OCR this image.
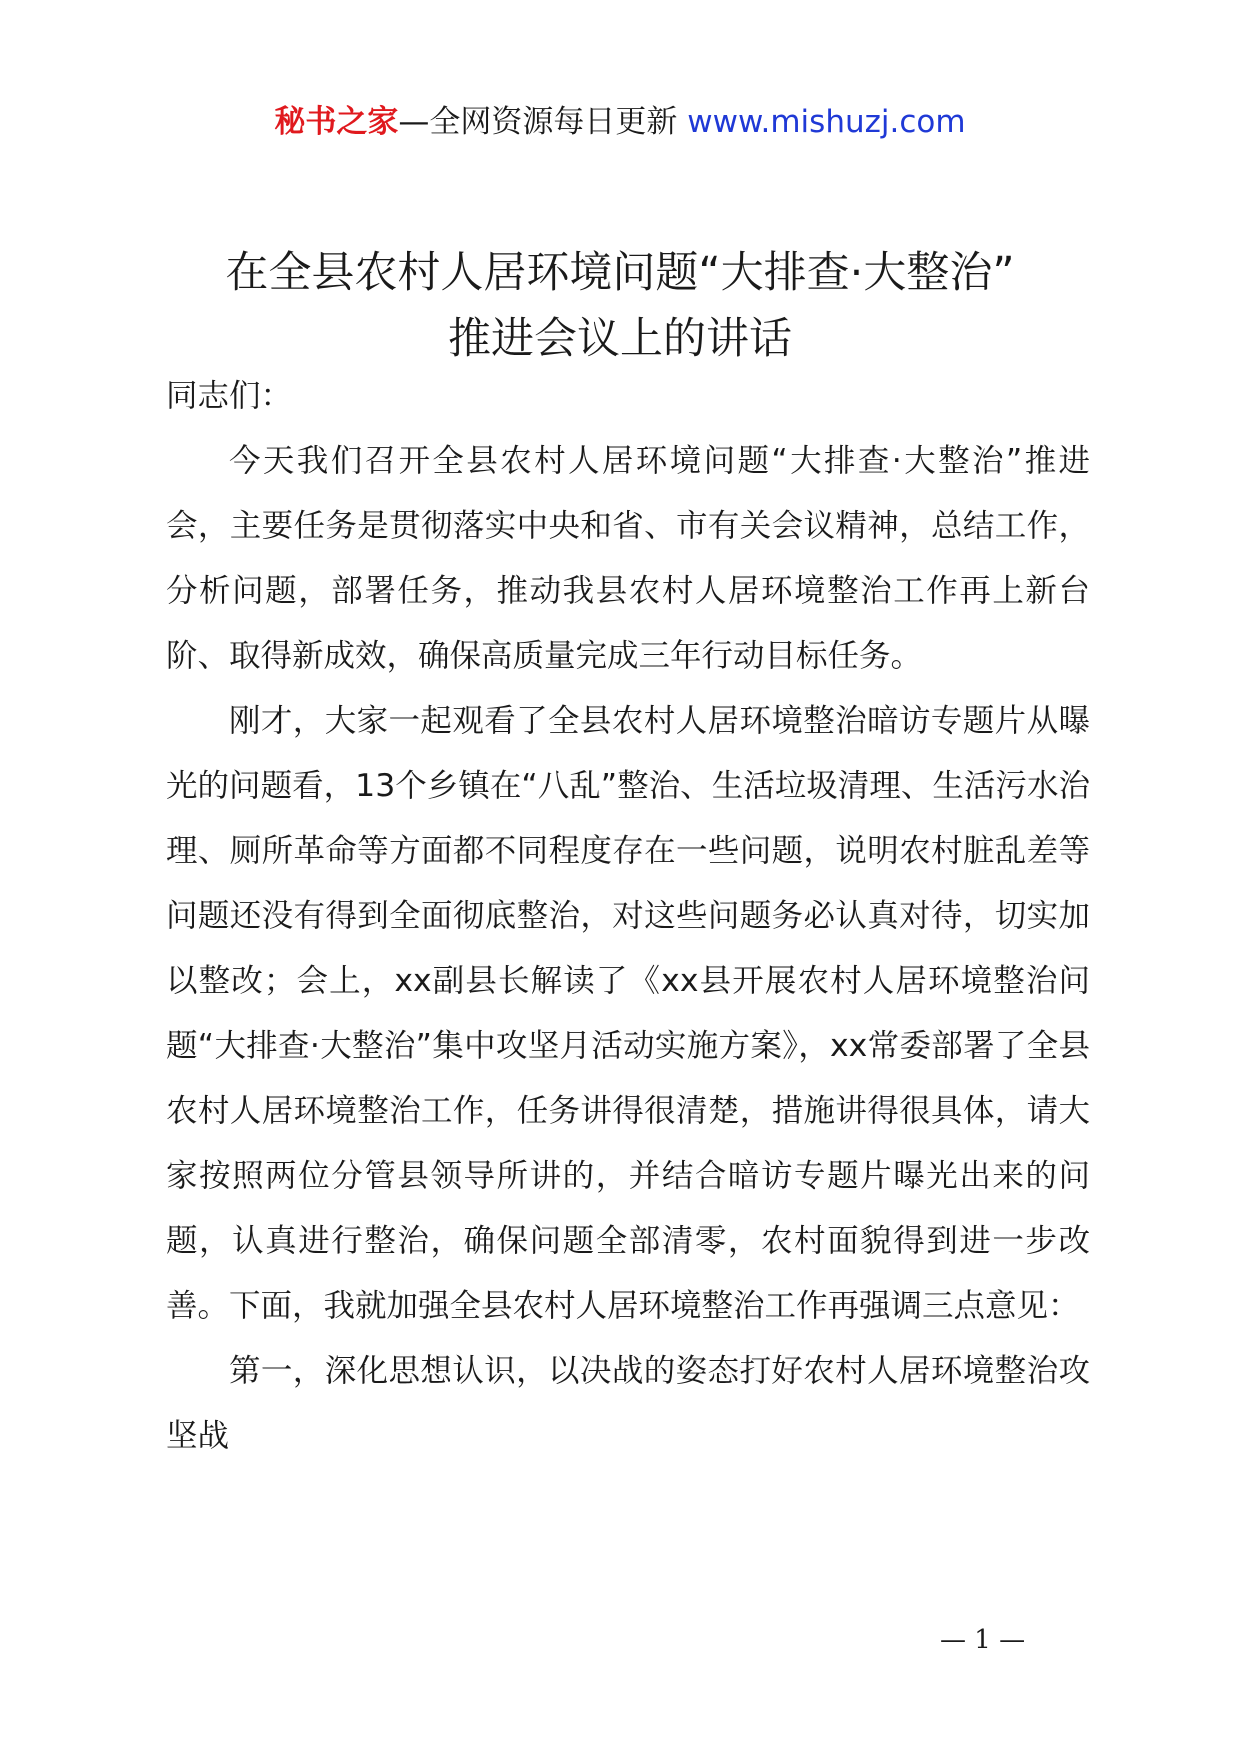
秘书之家—全网资源每日更新 www.mishuzj.com
在全县农村人居环境问题“大排查·大整治”
推进会议上的讲话

同志们：

今天我们召开全县农村人居环境问题“大排查·大整治”推进会，主要任务是贯彻落实中央和省、市有关会议精神，总结工作，分析问题，部署任务，推动我县农村人居环境整治工作再上新台阶、取得新成效，确保高质量完成三年行动目标任务。

刚才，大家一起观看了全县农村人居环境整治暗访专题片从曝光的问题看，13个乡镇在“八乱”整治、生活垃圾清理、生活污水治理、厕所革命等方面都不同程度存在一些问题，说明农村脏乱差等问题还没有得到全面彻底整治，对这些问题务必认真对待，切实加以整改；会上，xx副县长解读了《xx县开展农村人居环境整治问题“大排查·大整治”集中攻坚月活动实施方案》，xx常委部署了全县农村人居环境整治工作，任务讲得很清楚，措施讲得很具体，请大家按照两位分管县领导所讲的，并结合暗访专题片曝光出来的问题，认真进行整治，确保问题全部清零，农村面貌得到进一步改善。下面，我就加强全县农村人居环境整治工作再强调三点意见：

第一，深化思想认识，以决战的姿态打好农村人居环境整治攻坚战

— 1 —
